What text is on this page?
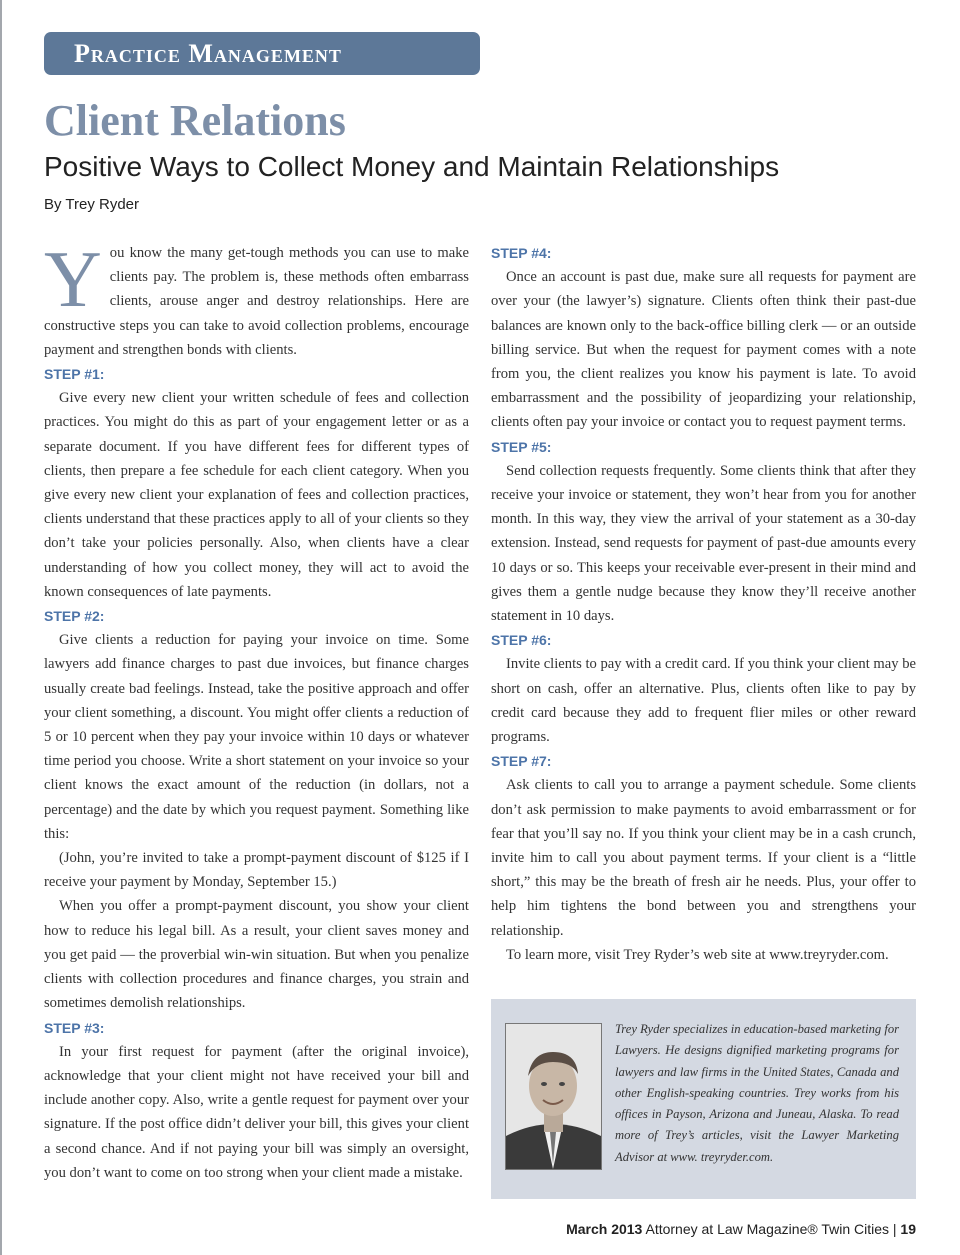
Practice Management
Client Relations
Positive Ways to Collect Money and Maintain Relationships
By Trey Ryder

You know the many get-tough methods you can use to make clients pay. The problem is, these methods often embarrass clients, arouse anger and destroy relationships. Here are constructive steps you can take to avoid collection problems, encourage payment and strengthen bonds with clients.

STEP #1:

Give every new client your written schedule of fees and collection practices. You might do this as part of your engagement letter or as a separate document. If you have different fees for different types of clients, then prepare a fee schedule for each client category. When you give every new client your explanation of fees and collection practices, clients understand that these practices apply to all of your clients so they don’t take your policies personally. Also, when clients have a clear understanding of how you collect money, they will act to avoid the known consequences of late payments.

STEP #2:

Give clients a reduction for paying your invoice on time. Some lawyers add finance charges to past due invoices, but finance charges usually create bad feelings. Instead, take the positive approach and offer your client something, a discount. You might offer clients a reduction of 5 or 10 percent when they pay your invoice within 10 days or whatever time period you choose. Write a short statement on your invoice so your client knows the exact amount of the reduction (in dollars, not a percentage) and the date by which you request payment. Something like this:

(John, you’re invited to take a prompt-payment discount of $125 if I receive your payment by Monday, September 15.)

When you offer a prompt-payment discount, you show your client how to reduce his legal bill. As a result, your client saves money and you get paid — the proverbial win-win situation. But when you penalize clients with collection procedures and finance charges, you strain and sometimes demolish relationships.

STEP #3:

In your first request for payment (after the original invoice), acknowledge that your client might not have received your bill and include another copy. Also, write a gentle request for payment over your signature. If the post office didn’t deliver your bill, this gives your client a second chance. And if not paying your bill was simply an oversight, you don’t want to come on too strong when your client made a mistake.

STEP #4:

Once an account is past due, make sure all requests for payment are over your (the lawyer’s) signature. Clients often think their past-due balances are known only to the back-office billing clerk — or an outside billing service. But when the request for payment comes with a note from you, the client realizes you know his payment is late. To avoid embarrassment and the possibility of jeopardizing your relationship, clients often pay your invoice or contact you to request payment terms.

STEP #5:

Send collection requests frequently. Some clients think that after they receive your invoice or statement, they won’t hear from you for another month. In this way, they view the arrival of your statement as a 30-day extension. Instead, send requests for payment of past-due amounts every 10 days or so. This keeps your receivable ever-present in their mind and gives them a gentle nudge because they know they’ll receive another statement in 10 days.

STEP #6:

Invite clients to pay with a credit card. If you think your client may be short on cash, offer an alternative. Plus, clients often like to pay by credit card because they add to frequent flier miles or other reward programs.

STEP #7:

Ask clients to call you to arrange a payment schedule. Some clients don’t ask permission to make payments to avoid embarrassment or for fear that you’ll say no. If you think your client may be in a cash crunch, invite him to call you about payment terms. If your client is a “little short,” this may be the breath of fresh air he needs. Plus, your offer to help him tightens the bond between you and strengthens your relationship.

To learn more, visit Trey Ryder’s web site at www.treyryder.com.

Trey Ryder specializes in education-based marketing for Lawyers. He designs dignified marketing programs for lawyers and law firms in the United States, Canada and other English-speaking countries. Trey works from his offices in Payson, Arizona and Juneau, Alaska. To read more of Trey’s articles, visit the Lawyer Marketing Advisor at www. treyryder.com.
March 2013 Attorney at Law Magazine® Twin Cities | 19
